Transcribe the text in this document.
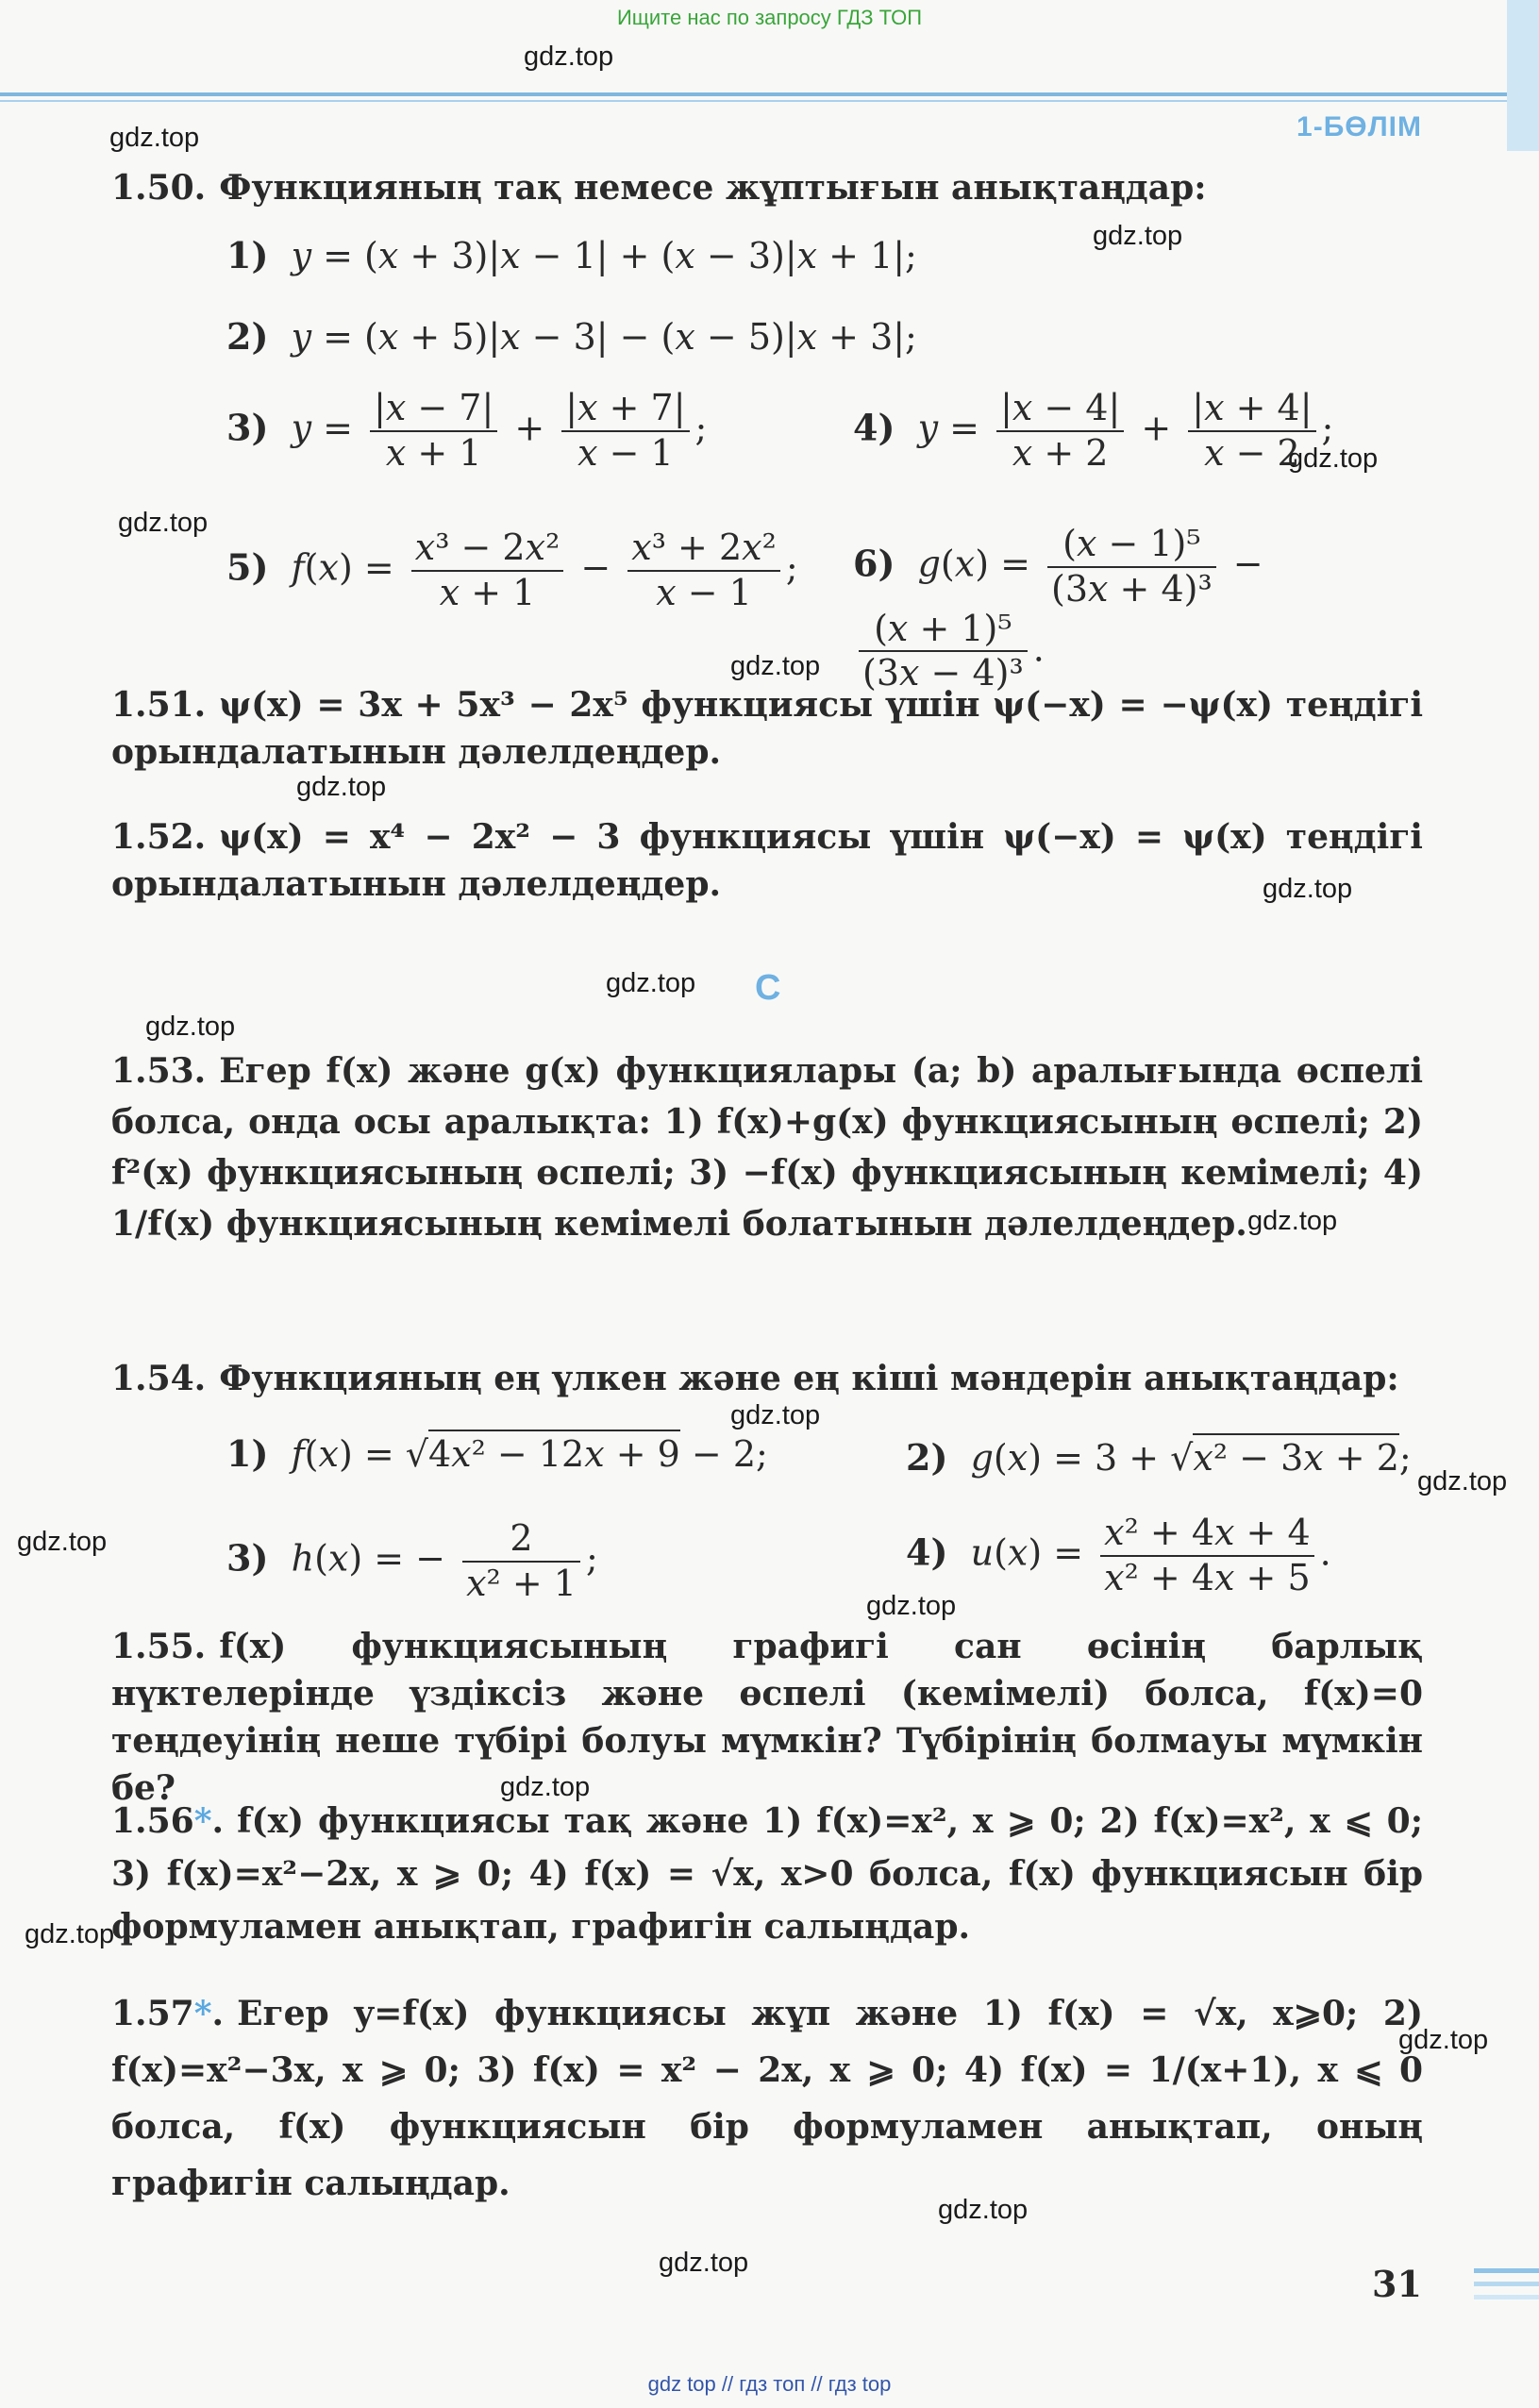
Ищите нас по запросу ГДЗ ТОП
1-БӨЛІМ
gdz.top
gdz.top
gdz.top
gdz.top
gdz.top
gdz.top
gdz.top
gdz.top
gdz.top
gdz.top
gdz.top
gdz.top
gdz.top
gdz.top
gdz.top
gdz.top
gdz.top
gdz.top
gdz.top
gdz.top
1.50. Функцияның тақ немесе жұптығын анықтаңдар:
1) y = (x + 3)|x − 1| + (x − 3)|x + 1|;
2) y = (x + 5)|x − 3| − (x − 5)|x + 3|;
3) $y = \frac{|x - 7|}{x + 1} + \frac{|x + 7|}{x - 1}$ ;	4) $y = \frac{|x - 4|}{x + 2} + \frac{|x + 4|}{x - 2}$ ;
5) $f(x) = \frac{\text{x³ − 2x²}}{x + 1} - \frac{\text{x³ + 2x²}}{x - 1}$ ;	6) $g(x) = \frac{\text{(x − 1)⁵}}{\text{(3x + 4)³}}$ −
$\frac{\text{(x + 1)⁵}}{\text{(3x − 4)³}}$ .
1.51. ψ(x) = 3x + 5x³ − 2x⁵ функциясы үшін ψ(−x) = −ψ(x) теңдігі орындалатынын дәлелдеңдер.
1.52. ψ(x) = x⁴ − 2x² − 3 функциясы үшін ψ(−x) = ψ(x) теңдігі орындалатынын дәлелдеңдер.
C
1.53. Егер f(x) және g(x) функциялары (a; b) аралығында өспелі болса, онда осы аралықта: 1) f(x)+g(x) функциясының өспелі; 2) f²(x) функциясының өспелі; 3) −f(x) функциясының кемімелі; 4) 1/f(x) функциясының кемімелі болатынын дәлелдеңдер.
1.54. Функцияның ең үлкен және ең кіші мәндерін анықтаңдар:
1) f(x) = √4x² − 12x + 9 − 2;	2) g(x) = 3 + √x² − 3x + 2;
3) h(x) = − $\frac{2}{\text{x² + 1}}$ ;	4) $u(x) = \frac{\text{x² + 4x + 4}}{\text{x² + 4x + 5}}$ .
1.55. f(x) функциясының графигі сан өсінің барлық нүктелерінде үздіксіз және өспелі (кемімелі) болса, f(x)=0 теңдеуінің неше түбірі болуы мүмкін? Түбірінің болмауы мүмкін бе?
1.56*. f(x) функциясы тақ және 1) f(x)=x², x ⩾ 0; 2) f(x)=x², x ⩽ 0; 3) f(x)=x²−2x, x ⩾ 0; 4) f(x) = √x, x>0 болса, f(x) функциясын бір формуламен анықтап, графигін салыңдар.
1.57*. Егер y=f(x) функциясы жұп және 1) f(x) = √x, x⩾0; 2) f(x)=x²−3x, x ⩾ 0; 3) f(x) = x² − 2x, x ⩾ 0; 4) f(x) = 1/(x+1), x ⩽ 0 болса, f(x) функциясын бір формуламен анықтап, оның графигін салыңдар.
31
gdz top // гдз топ // гдз top
